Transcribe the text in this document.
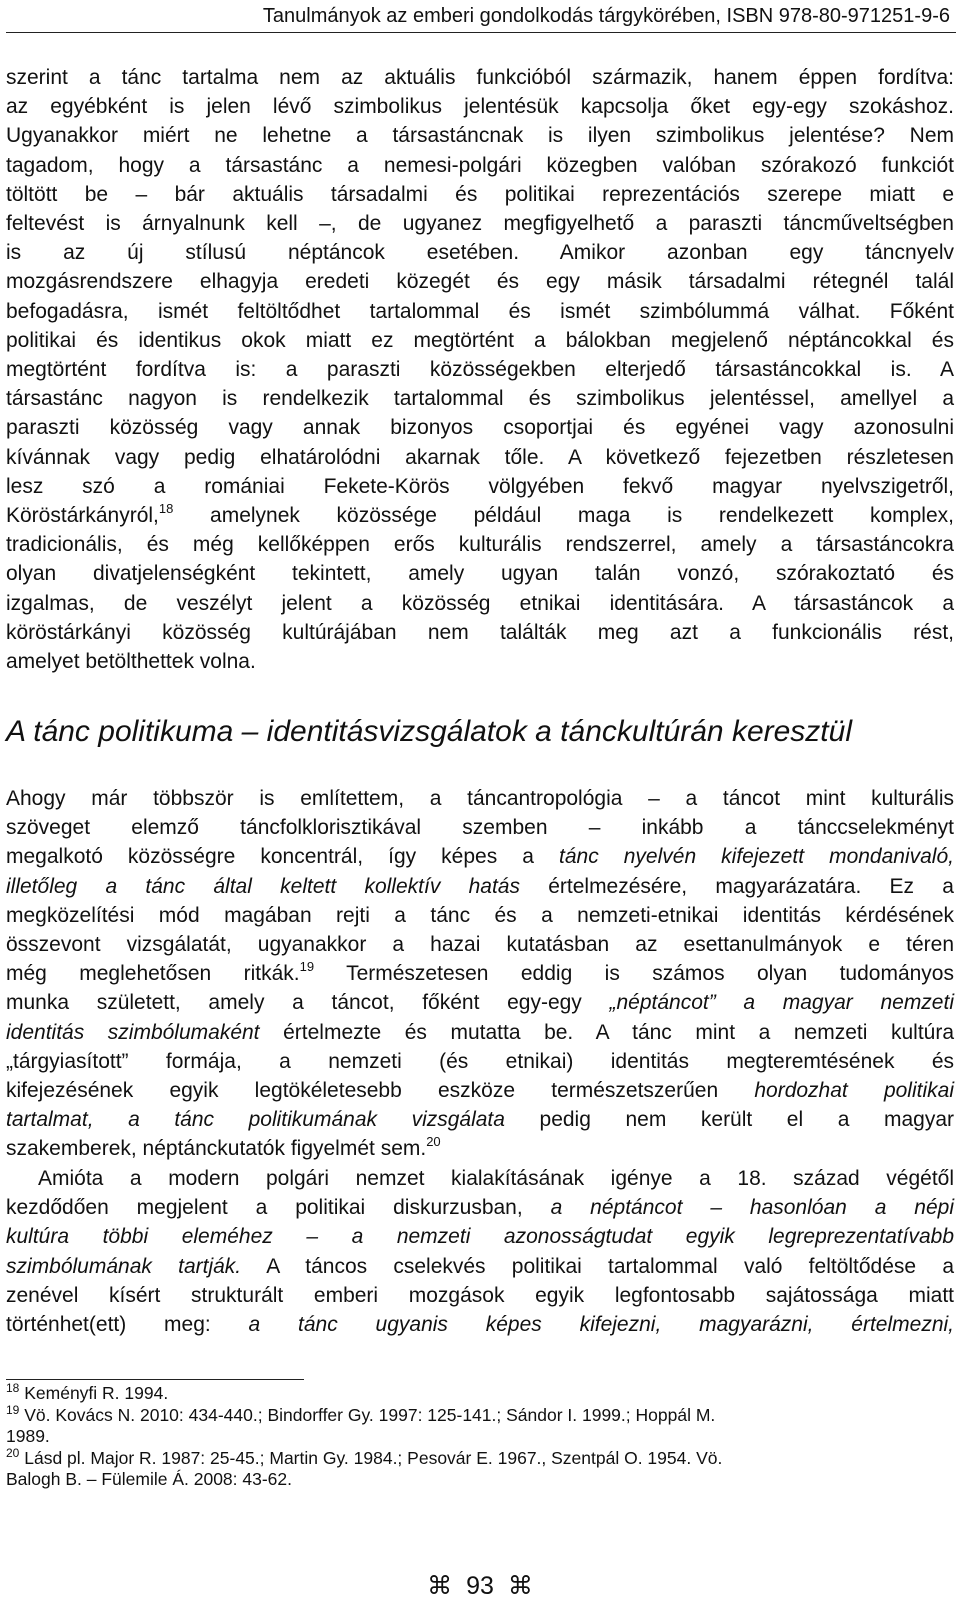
Tanulmányok az emberi gondolkodás tárgykörében, ISBN 978-80-971251-9-6
szerint a tánc tartalma nem az aktuális funkcióból származik, hanem éppen fordítva:
az egyébként is jelen lévő szimbolikus jelentésük kapcsolja őket egy-egy szokáshoz.
Ugyanakkor miért ne lehetne a társastáncnak is ilyen szimbolikus jelentése? Nem
tagadom, hogy a társastánc a nemesi-polgári közegben valóban szórakozó funkciót
töltött be – bár aktuális társadalmi és politikai reprezentációs szerepe miatt e
feltevést is árnyalnunk kell –, de ugyanez megfigyelhető a paraszti táncműveltségben
is az új stílusú néptáncok esetében. Amikor azonban egy táncnyelv
mozgásrendszere elhagyja eredeti közegét és egy másik társadalmi rétegnél talál
befogadásra, ismét feltöltődhet tartalommal és ismét szimbólummá válhat. Főként
politikai és identikus okok miatt ez megtörtént a bálokban megjelenő néptáncokkal és
megtörtént fordítva is: a paraszti közösségekben elterjedő társastáncokkal is. A
társastánc nagyon is rendelkezik tartalommal és szimbolikus jelentéssel, amellyel a
paraszti közösség vagy annak bizonyos csoportjai és egyénei vagy azonosulni
kívánnak vagy pedig elhatárolódni akarnak tőle. A következő fejezetben részletesen
lesz szó a romániai Fekete-Körös völgyében fekvő magyar nyelvszigetről,
Köröstárkányról,$^{18}$ amelynek közössége például maga is rendelkezett komplex,
tradicionális, és még kellőképpen erős kulturális rendszerrel, amely a társastáncokra
olyan divatjelenségként tekintett, amely ugyan talán vonzó, szórakoztató és
izgalmas, de veszélyt jelent a közösség etnikai identitására. A társastáncok a
köröstárkányi közösség kultúrájában nem találták meg azt a funkcionális rést,
amelyet betölthettek volna.
A tánc politikuma – identitásvizsgálatok a tánckultúrán keresztül
Ahogy már többször is említettem, a táncantropológia – a táncot mint kulturális
szöveget elemző táncfolklorisztikával szemben – inkább a tánccselekményt
megalkotó közösségre koncentrál, így képes a tánc nyelvén kifejezett mondanivaló,
illetőleg a tánc által keltett kollektív hatás értelmezésére, magyarázatára. Ez a
megközelítési mód magában rejti a tánc és a nemzeti-etnikai identitás kérdésének
összevont vizsgálatát, ugyanakkor a hazai kutatásban az esettanulmányok e téren
még meglehetősen ritkák.$^{19}$ Természetesen eddig is számos olyan tudományos
munka született, amely a táncot, főként egy-egy „néptáncot” a magyar nemzeti
identitás szimbólumaként értelmezte és mutatta be. A tánc mint a nemzeti kultúra
„tárgyiasított” formája, a nemzeti (és etnikai) identitás megteremtésének és
kifejezésének egyik legtökéletesebb eszköze természetszerűen hordozhat politikai
tartalmat, a tánc politikumának vizsgálata pedig nem került el a magyar
szakemberek, néptánckutatók figyelmét sem.$^{20}$
Amióta a modern polgári nemzet kialakításának igénye a 18. század végétől
kezdődően megjelent a politikai diskurzusban, a néptáncot – hasonlóan a népi
kultúra többi eleméhez – a nemzeti azonosságtudat egyik legreprezentatívabb
szimbólumának tartják. A táncos cselekvés politikai tartalommal való feltöltődése a
zenével kísért strukturált emberi mozgások egyik legfontosabb sajátossága miatt
történhet(ett) meg: a tánc ugyanis képes kifejezni, magyarázni, értelmezni,
$^{18}$ Keményfi R. 1994.
$^{19}$ Vö. Kovács N. 2010: 434-440.; Bindorffer Gy. 1997: 125-141.; Sándor I. 1999.; Hoppál M.
1989.
$^{20}$ Lásd pl. Major R. 1987: 25-45.; Martin Gy. 1984.; Pesovár E. 1967., Szentpál O. 1954. Vö.
Balogh B. – Fülemile Á. 2008: 43-62.
⌘ 93 ⌘
